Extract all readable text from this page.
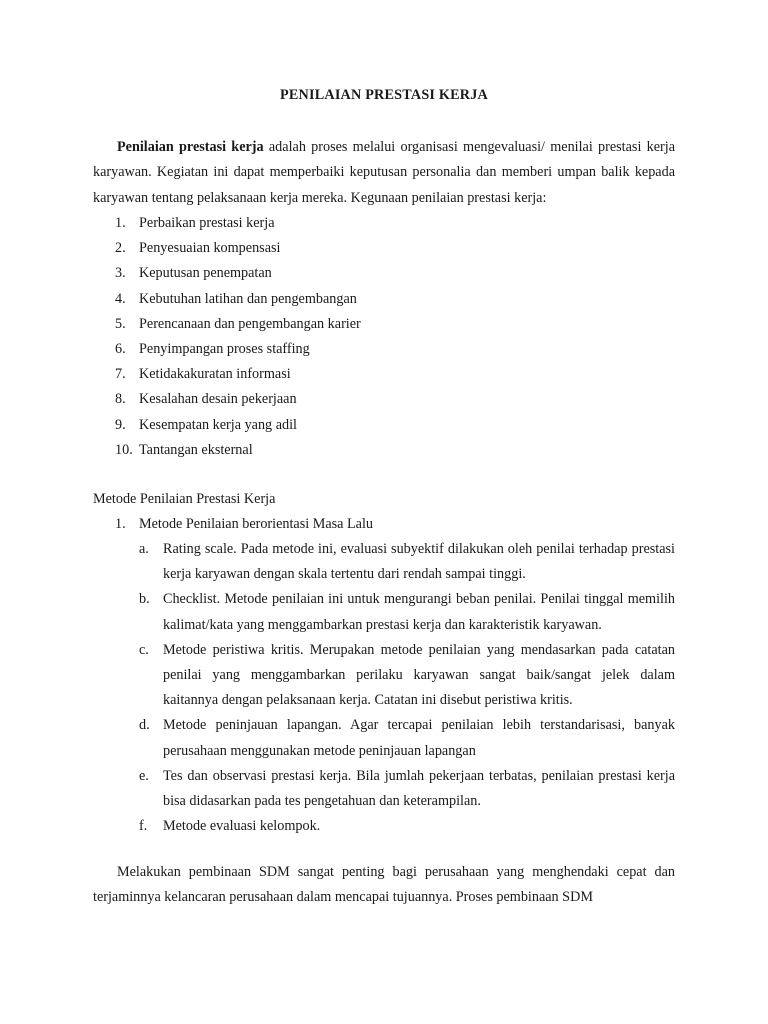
PENILAIAN PRESTASI KERJA

Penilaian prestasi kerja adalah proses melalui organisasi mengevaluasi/ menilai prestasi kerja karyawan. Kegiatan ini dapat memperbaiki keputusan personalia dan memberi umpan balik kepada karyawan tentang pelaksanaan kerja mereka. Kegunaan penilaian prestasi kerja:

1. Perbaikan prestasi kerja
2. Penyesuaian kompensasi
3. Keputusan penempatan
4. Kebutuhan latihan dan pengembangan
5. Perencanaan dan pengembangan karier
6. Penyimpangan proses staffing
7. Ketidakakuratan informasi
8. Kesalahan desain pekerjaan
9. Kesempatan kerja yang adil
10. Tantangan eksternal
Metode Penilaian Prestasi Kerja

1. Metode Penilaian berorientasi Masa Lalu

a. Rating scale. Pada metode ini, evaluasi subyektif dilakukan oleh penilai terhadap prestasi kerja karyawan dengan skala tertentu dari rendah sampai tinggi.
b. Checklist. Metode penilaian ini untuk mengurangi beban penilai. Penilai tinggal memilih kalimat/kata yang menggambarkan prestasi kerja dan karakteristik karyawan.
c. Metode peristiwa kritis. Merupakan metode penilaian yang mendasarkan pada catatan penilai yang menggambarkan perilaku karyawan sangat baik/sangat jelek dalam kaitannya dengan pelaksanaan kerja. Catatan ini disebut peristiwa kritis.
d. Metode peninjauan lapangan. Agar tercapai penilaian lebih terstandarisasi, banyak perusahaan menggunakan metode peninjauan lapangan
e. Tes dan observasi prestasi kerja. Bila jumlah pekerjaan terbatas, penilaian prestasi kerja bisa didasarkan pada tes pengetahuan dan keterampilan.
f. Metode evaluasi kelompok.

Melakukan pembinaan SDM sangat penting bagi perusahaan yang menghendaki cepat dan terjaminnya kelancaran perusahaan dalam mencapai tujuannya. Proses pembinaan SDM
